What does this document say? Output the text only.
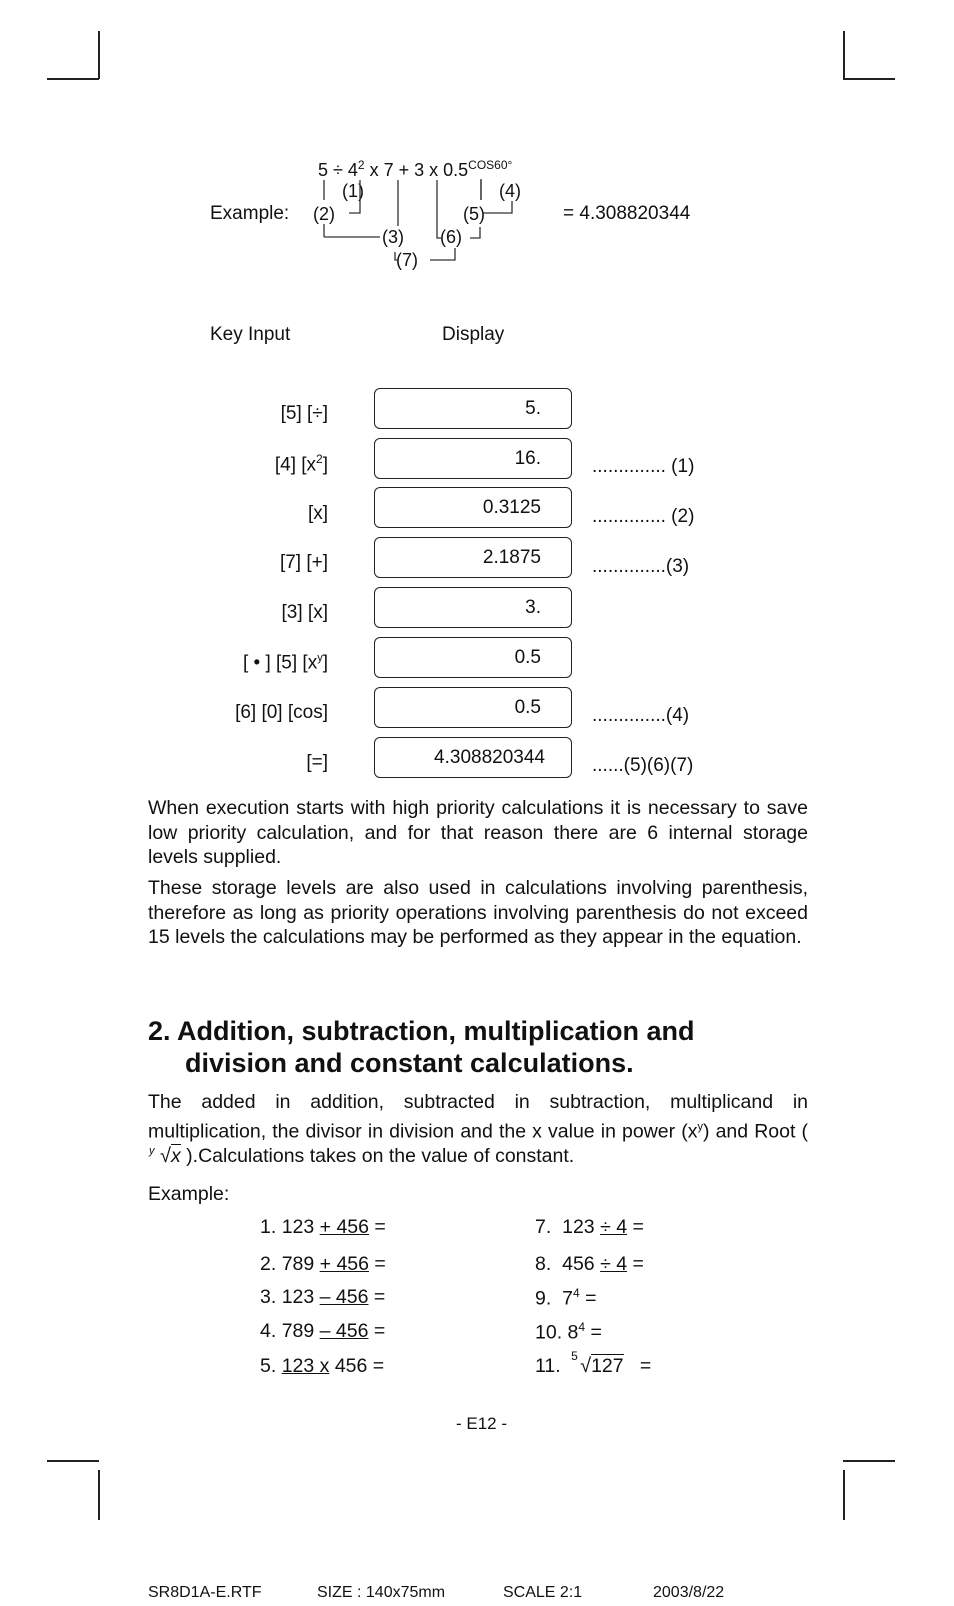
$5 \div 4^2$ x 7 + 3 x $0.5^{COS60^\circ}$
Example:	= 4.308820344
(1)
(2)
(3)
(4)
(5)
(6)
(7)
Key Input	Display
[5] [÷]	5.
[4] $[x^2]$	16.	.............. (1)
[x]	0.3125	.............. (2)
[7] [+]	2.1875	..............(3)
[3] [x]	3.
[ • ] [5] $[x^y]$	0.5
[6] [0] [cos]	0.5	..............(4)
[=]	4.308820344 ......(5)(6)(7)

When execution starts with high priority calculations it is necessary to save low priority calculation, and for that reason there are 6 internal storage levels supplied.

These storage levels are also used in calculations involving parenthesis, therefore as long as priority operations involving parenthesis do not exceed 15 levels the calculations may be performed as they appear in the equation.

2. Addition, subtraction, multiplication and
division and constant calculations.

The added in addition, subtracted in subtraction, multiplicand in multiplication, the divisor in division and the x value in power $(x^y)$ and Root (
y √x ).Calculations takes on the value of constant.

Example:
1. 123 + 456 =
2. 789 + 456 =
3. 123 – 456 =
4. 789 – 456 =
5. 123 x 456 =
7. 123 ÷ 4 =
8. 456 ÷ 4 =
9. $7^4$ =
10. $8^4$ =
11. 5 √127 =
- E12 -
SR8D1A-E.RTF	SIZE : 140x75mm	SCALE 2:1	2003/8/22
